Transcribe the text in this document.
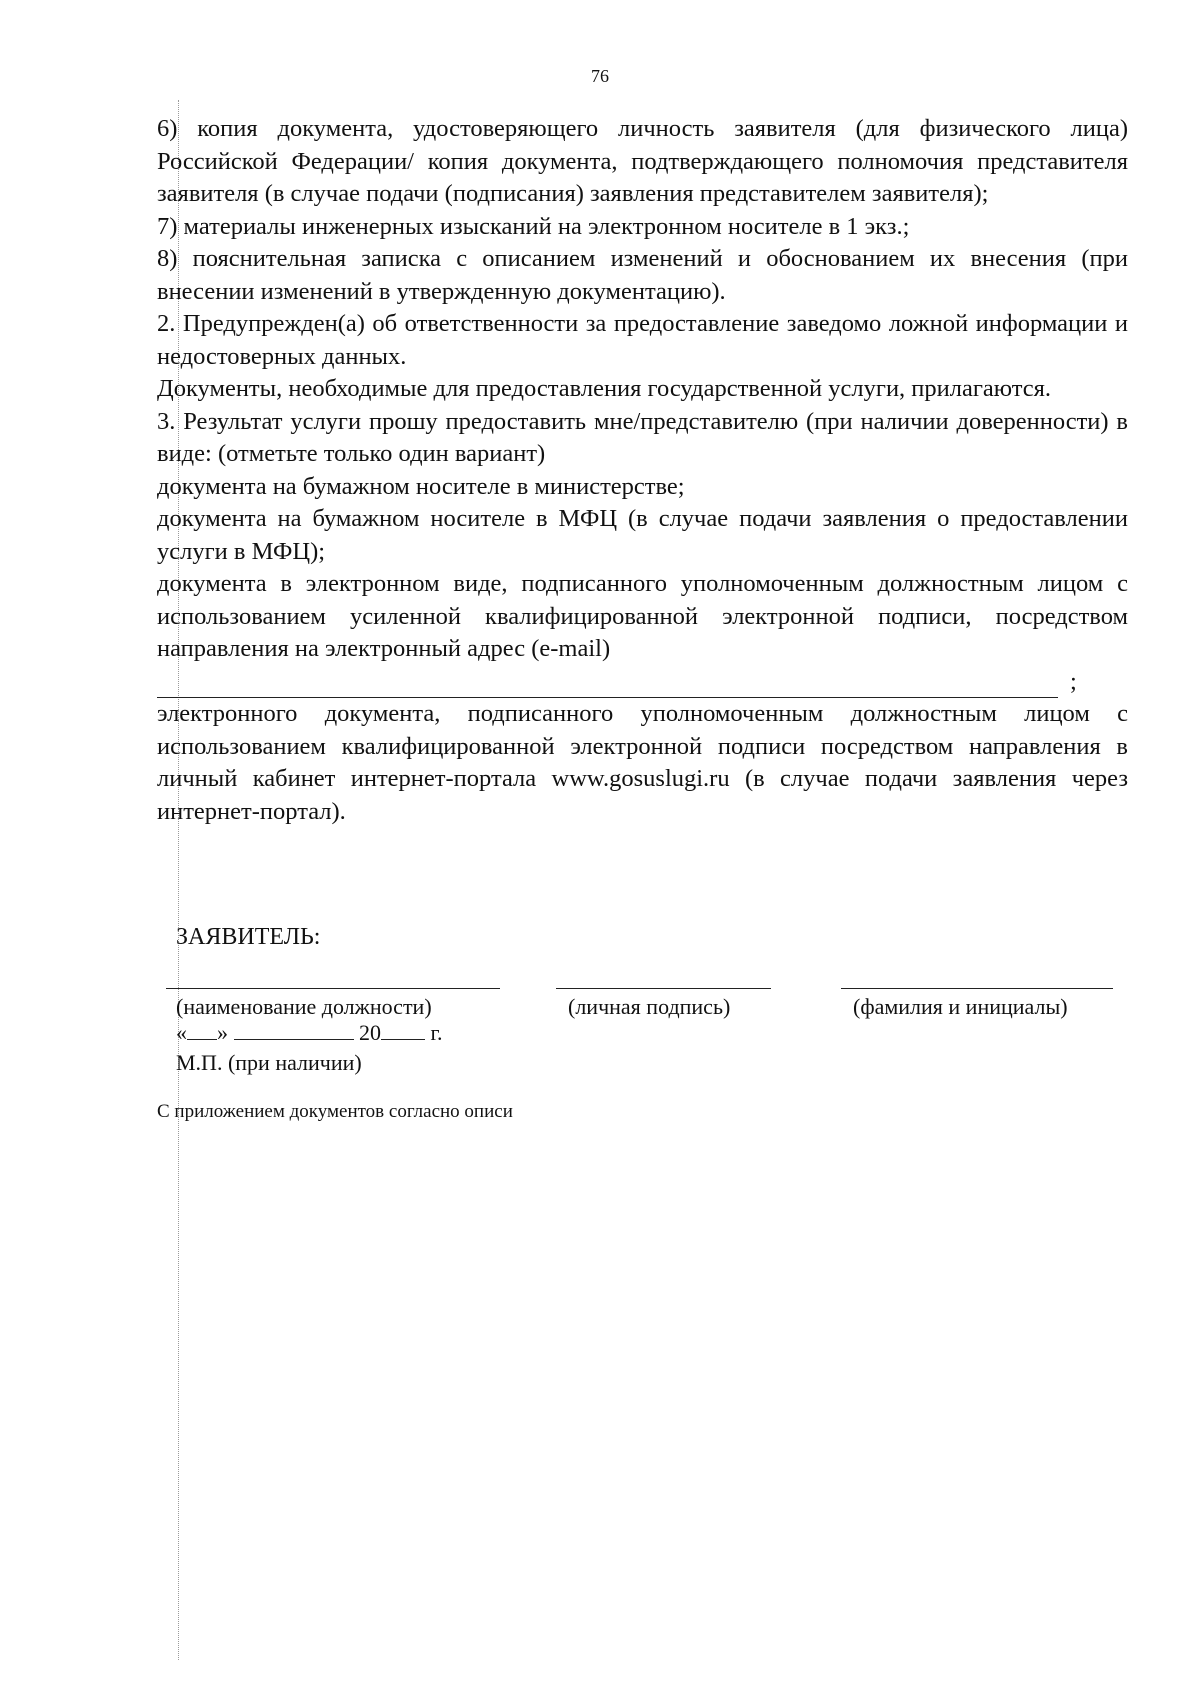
76

6) копия документа, удостоверяющего личность заявителя (для физического лица) Российской Федерации/ копия документа, подтверждающего полномочия представителя заявителя (в случае подачи (подписания) заявления представителем заявителя);

7) материалы инженерных изысканий на электронном носителе в 1 экз.;

8) пояснительная записка с описанием изменений и обоснованием их внесения (при внесении изменений в утвержденную документацию).

2. Предупрежден(а) об ответственности за предоставление заведомо ложной информации и недостоверных данных.

Документы, необходимые для предоставления государственной услуги, прилагаются.

3. Результат услуги прошу предоставить мне/представителю (при наличии доверенности) в виде: (отметьте только один вариант)

документа на бумажном носителе в министерстве;

документа на бумажном носителе в МФЦ (в случае подачи заявления о предоставлении услуги в МФЦ);

документа в электронном виде, подписанного уполномоченным должностным лицом с использованием усиленной квалифицированной электронной подписи, посредством направления на электронный адрес (e-mail)

;

электронного документа, подписанного уполномоченным должностным лицом с использованием квалифицированной электронной подписи посредством направления в личный кабинет интернет-портала www.gosuslugi.ru (в случае подачи заявления через интернет-портал).

ЗАЯВИТЕЛЬ:
(наименование должности)	(личная подпись)	(фамилия и инициалы)
« »	20 г.
М.П. (при наличии)
С приложением документов согласно описи
